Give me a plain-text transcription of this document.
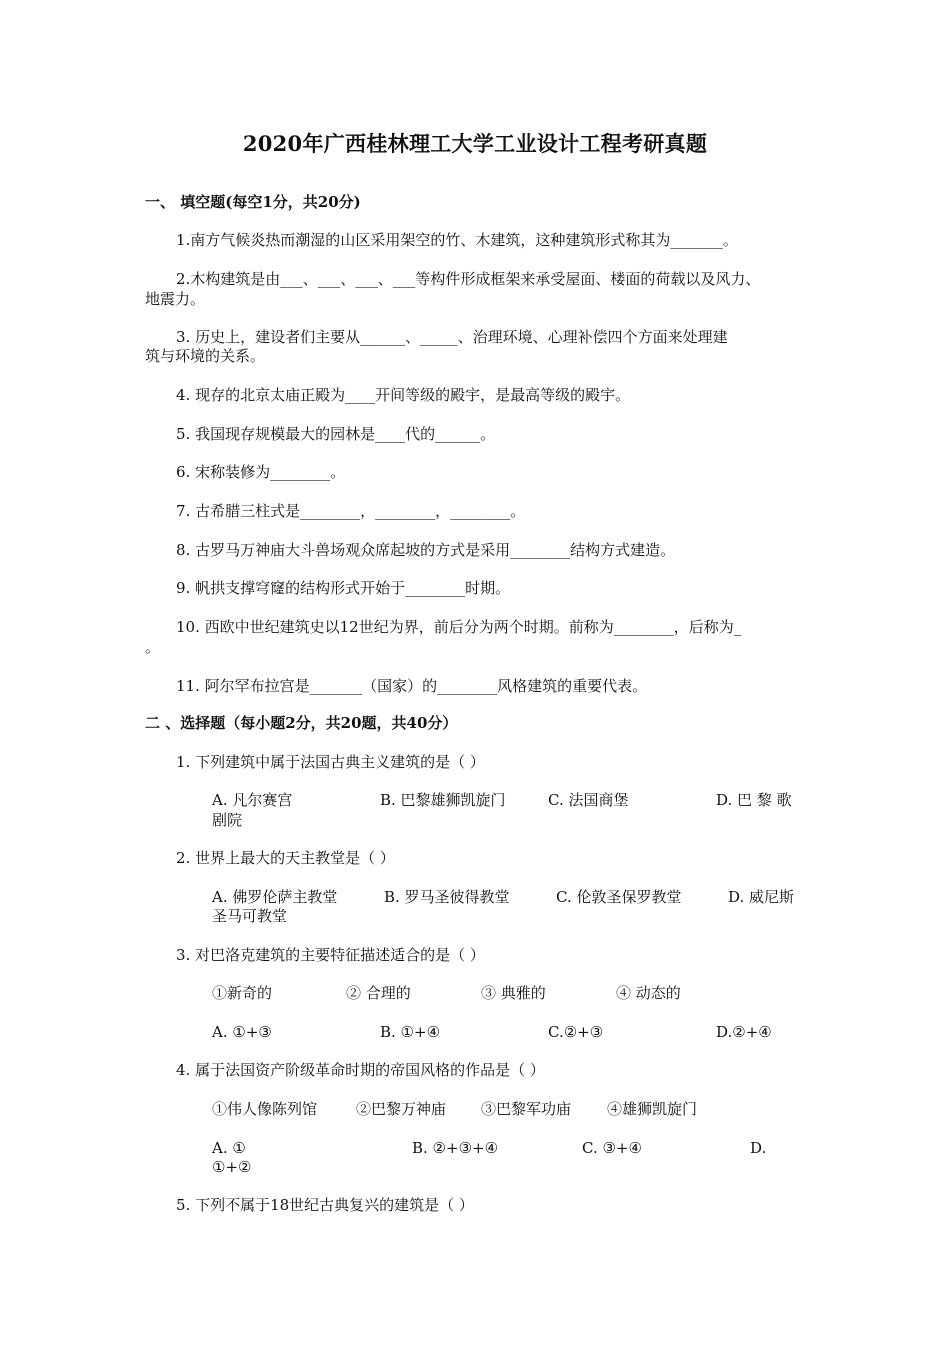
2020年广西桂林理工大学工业设计工程考研真题
一、 填空题(每空1分，共20分)
1.南方气候炎热而潮湿的山区采用架空的竹、木建筑，这种建筑形式称其为_______。
2.木构建筑是由___、___、___、___等构件形成框架来承受屋面、楼面的荷载以及风力、
地震力。
3. 历史上，建设者们主要从______、_____、治理环境、心理补偿四个方面来处理建
筑与环境的关系。
4. 现存的北京太庙正殿为____开间等级的殿宇，是最高等级的殿宇。
5. 我国现存规模最大的园林是____代的______。
6. 宋称装修为________。
7. 古希腊三柱式是________，________，________。
8. 古罗马万神庙大斗兽场观众席起坡的方式是采用________结构方式建造。
9. 帆拱支撑穹窿的结构形式开始于________时期。
10. 西欧中世纪建筑史以12世纪为界，前后分为两个时期。前称为________，后称为_
。
11. 阿尔罕布拉宫是_______（国家）的________风格建筑的重要代表。
二 、选择题（每小题2分，共20题，共40分）
1. 下列建筑中属于法国古典主义建筑的是（ ）
A. 凡尔赛宫	B. 巴黎雄狮凯旋门	C. 法国商堡	D. 巴 黎 歌
剧院
2. 世界上最大的天主教堂是（ ）
A. 佛罗伦萨主教堂	B. 罗马圣彼得教堂	C. 伦敦圣保罗教堂	D. 威尼斯
圣马可教堂
3. 对巴洛克建筑的主要特征描述适合的是（ ）
①新奇的	② 合理的	③ 典雅的	④ 动态的
A. ①+③	B. ①+④	C.②+③	D.②+④
4. 属于法国资产阶级革命时期的帝国风格的作品是（ ）
①伟人像陈列馆	②巴黎万神庙 ③巴黎军功庙 ④雄狮凯旋门
A. ①	B. ②+③+④	C. ③+④	D.
①+②
5. 下列不属于18世纪古典复兴的建筑是（ ）
